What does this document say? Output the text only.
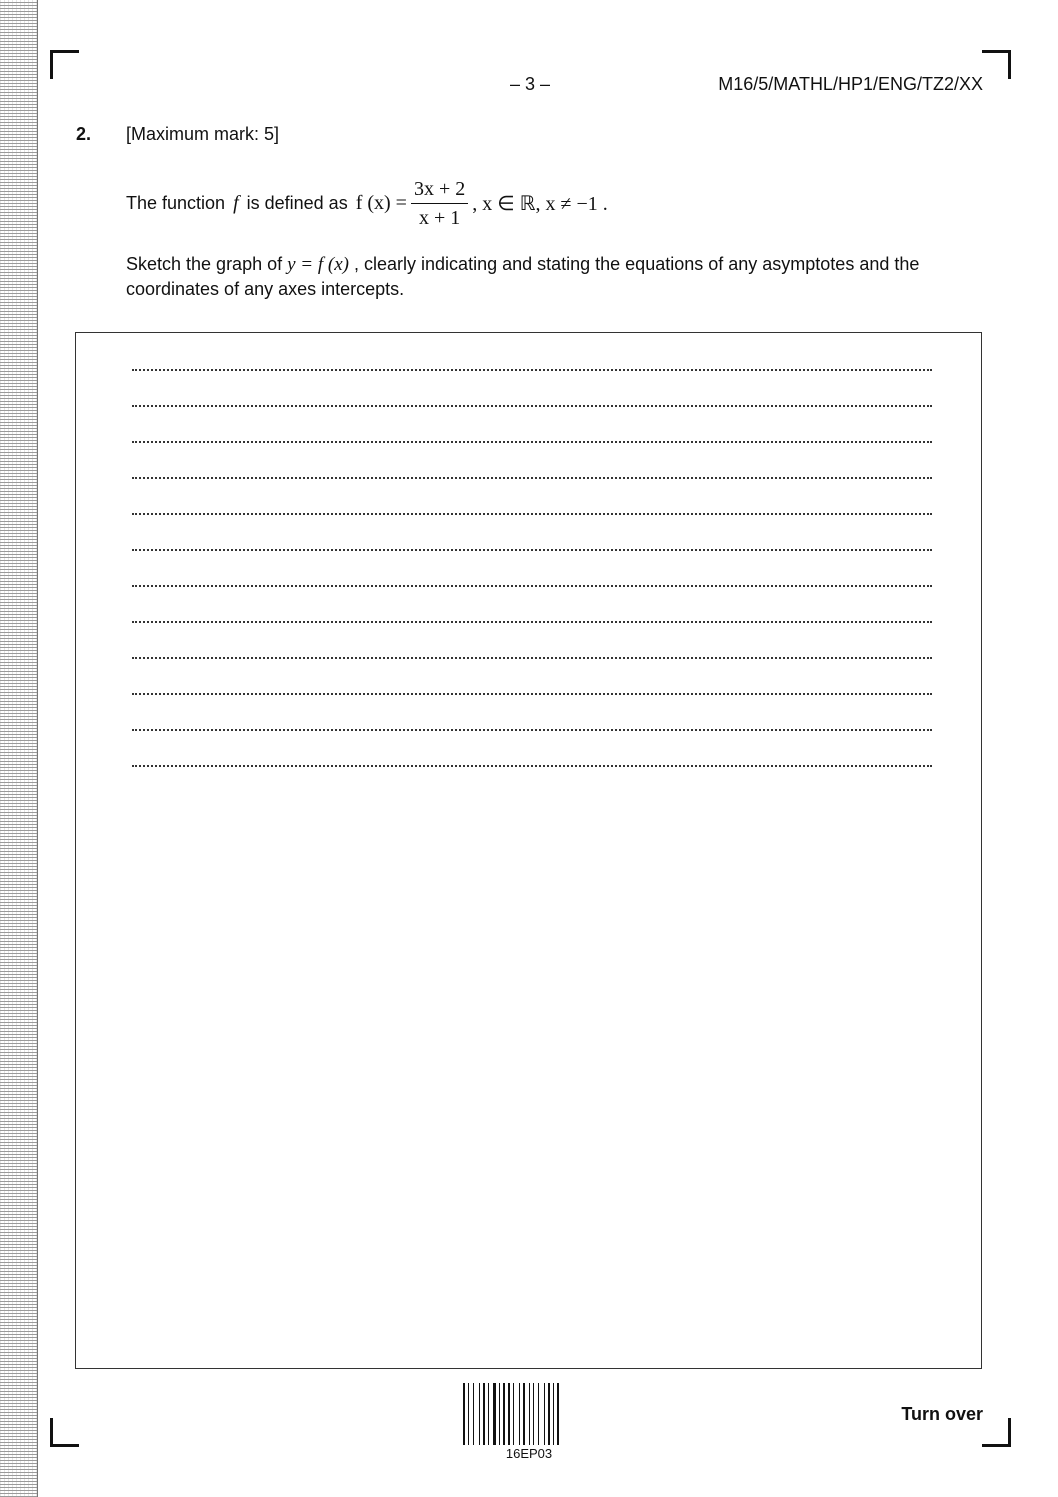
– 3 –	M16/5/MATHL/HP1/ENG/TZ2/XX
2. [Maximum mark: 5]
The function f is defined as f $(x) = \frac{3x + 2}{x + 1}$ , x ∈ ℝ, x ≠ −1 .
Sketch the graph of y = f (x) , clearly indicating and stating the equations of any asymptotes and the coordinates of any axes intercepts.
16EP03
Turn over
